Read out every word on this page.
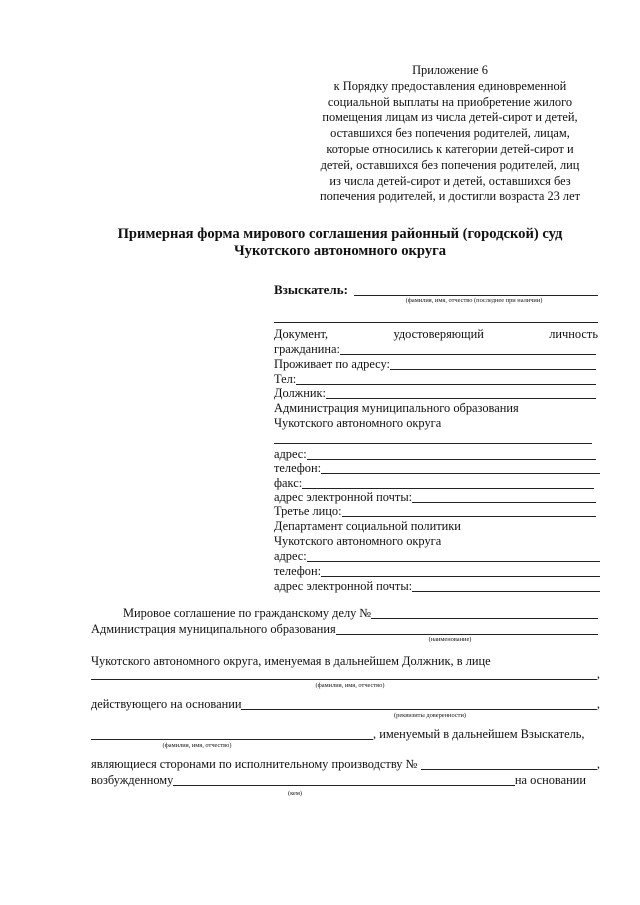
Приложение 6
к Порядку предоставления единовременной
социальной выплаты на приобретение жилого
помещения лицам из числа детей-сирот и детей,
оставшихся без попечения родителей, лицам,
которые относились к категории детей-сирот и
детей, оставшихся без попечения родителей, лиц
из числа детей-сирот и детей, оставшихся без
попечения родителей, и достигли возраста 23 лет
Примерная форма мирового соглашения районный (городской) суд
Чукотского автономного округа
Взыскатель:
(фамилия, имя, отчество (последнее при наличии)
Документ,	удостоверяющий	личность
гражданина:
Проживает по адресу:
Тел:
Должник:
Администрация муниципального образования
Чукотского автономного округа
адрес:
телефон:
факс:
адрес электронной почты:
Третье лицо:
Департамент социальной политики
Чукотского автономного округа
адрес:
телефон:
адрес электронной почты:
Мировое соглашение по гражданскому делу №
Администрация муниципального образования
(наименование)
Чукотского автономного округа, именуемая в дальнейшем Должник, в лице
,
(фамилия, имя, отчество)
действующего на основании	,
(реквизиты доверенности)
, именуемый в дальнейшем Взыскатель,
(фамилия, имя, отчество)
являющиеся сторонами по исполнительному производству №	,
возбужденному	на основании
(кем)
